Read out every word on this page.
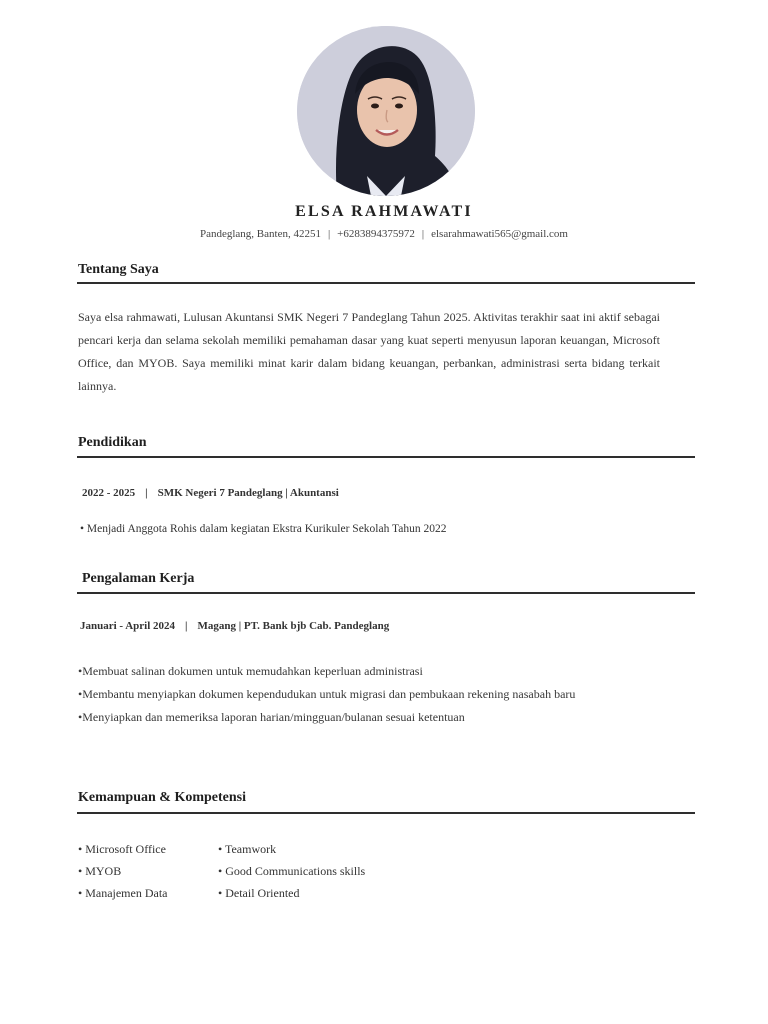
ELSA RAHMAWATI
Pandeglang, Banten, 42251 | +6283894375972 | elsarahmawati565@gmail.com
Tentang Saya
Saya elsa rahmawati, Lulusan Akuntansi SMK Negeri 7 Pandeglang Tahun 2025. Aktivitas terakhir saat ini aktif sebagai pencari kerja dan selama sekolah memiliki pemahaman dasar yang kuat seperti menyusun laporan keuangan, Microsoft Office, dan MYOB. Saya memiliki minat karir dalam bidang keuangan, perbankan, administrasi serta bidang terkait lainnya.
Pendidikan
2022 - 2025 | SMK Negeri 7 Pandeglang | Akuntansi
• Menjadi Anggota Rohis dalam kegiatan Ekstra Kurikuler Sekolah Tahun 2022
Pengalaman Kerja
Januari - April 2024 | Magang | PT. Bank bjb Cab. Pandeglang
•Membuat salinan dokumen untuk memudahkan keperluan administrasi
•Membantu menyiapkan dokumen kependudukan untuk migrasi dan pembukaan rekening nasabah baru
•Menyiapkan dan memeriksa laporan harian/mingguan/bulanan sesuai ketentuan
Kemampuan & Kompetensi
• Microsoft Office
• MYOB
• Manajemen Data
• Teamwork
• Good Communications skills
• Detail Oriented
